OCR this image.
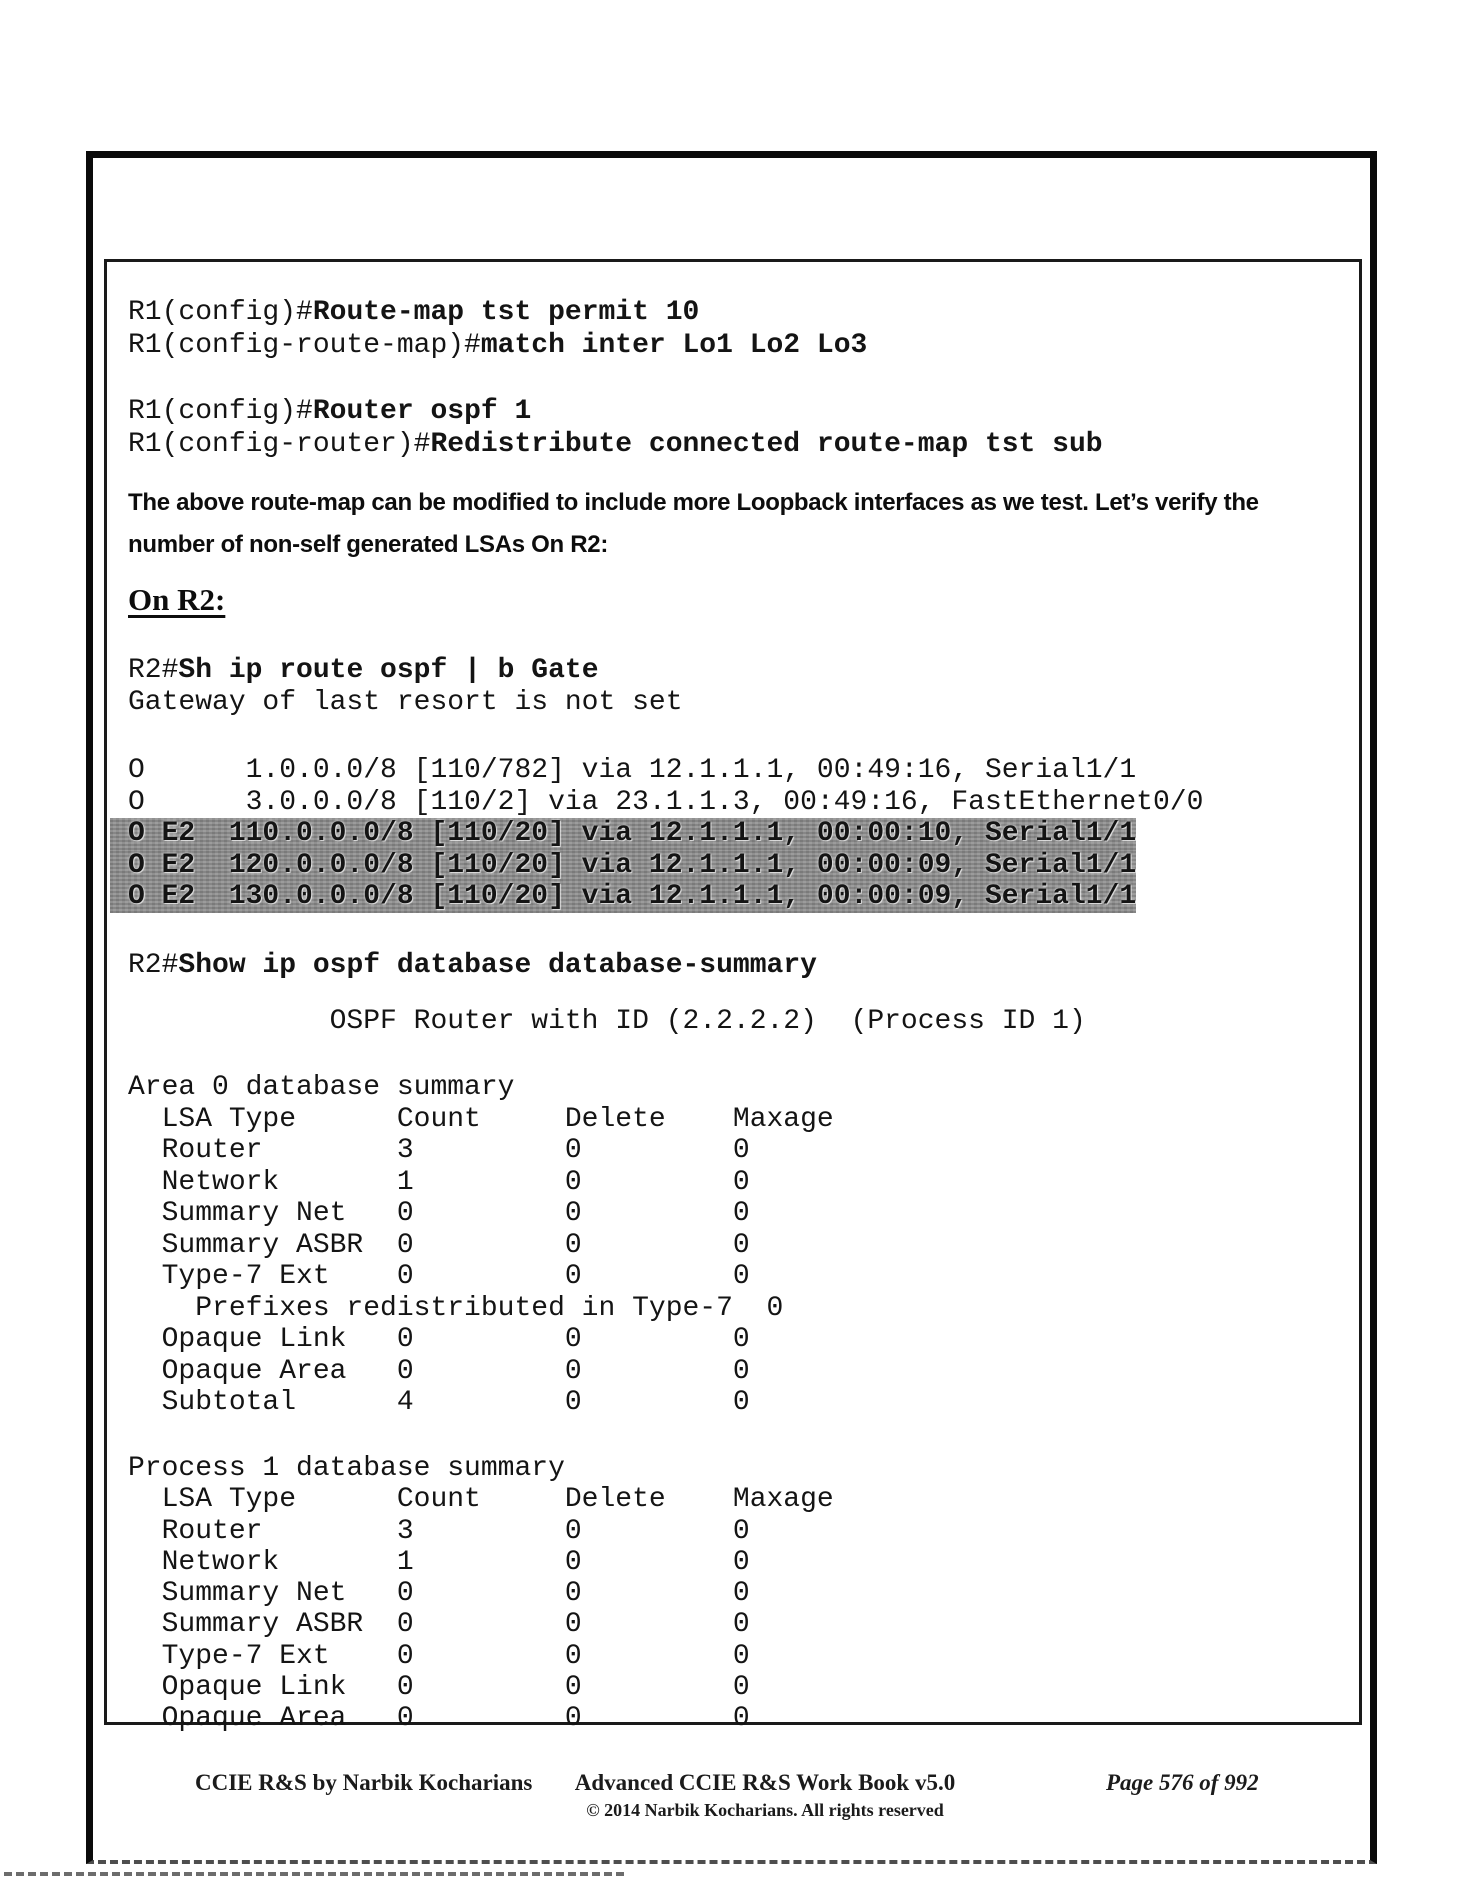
R1(config)#Route-map tst permit 10
R1(config-route-map)#match inter Lo1 Lo2 Lo3
R1(config)#Router ospf 1
R1(config-router)#Redistribute connected route-map tst sub
The above route-map can be modified to include more Loopback interfaces as we test. Let’s verify the
number of non-self generated LSAs On R2:
On R2:
R2#Sh ip route ospf | b Gate
Gateway of last resort is not set
O      1.0.0.0/8 [110/782] via 12.1.1.1, 00:49:16, Serial1/1
O      3.0.0.0/8 [110/2] via 23.1.1.3, 00:49:16, FastEthernet0/0
O E2  110.0.0.0/8 [110/20] via 12.1.1.1, 00:00:10, Serial1/1
O E2  120.0.0.0/8 [110/20] via 12.1.1.1, 00:00:09, Serial1/1
O E2  130.0.0.0/8 [110/20] via 12.1.1.1, 00:00:09, Serial1/1
R2#Show ip ospf database database-summary
OSPF Router with ID (2.2.2.2)  (Process ID 1)
Area 0 database summary
LSA Type      Count     Delete    Maxage
Router        3         0         0
Network       1         0         0
Summary Net   0         0         0
Summary ASBR  0         0         0
Type-7 Ext    0         0         0
Prefixes redistributed in Type-7  0
Opaque Link   0         0         0
Opaque Area   0         0         0
Subtotal      4         0         0
Process 1 database summary
LSA Type      Count     Delete    Maxage
Router        3         0         0
Network       1         0         0
Summary Net   0         0         0
Summary ASBR  0         0         0
Type-7 Ext    0         0         0
Opaque Link   0         0         0
Opaque Area   0         0         0
CCIE R&S by Narbik Kocharians	Advanced CCIE R&S Work Book v5.0
© 2014 Narbik Kocharians. All rights reserved
Page 576 of 992
